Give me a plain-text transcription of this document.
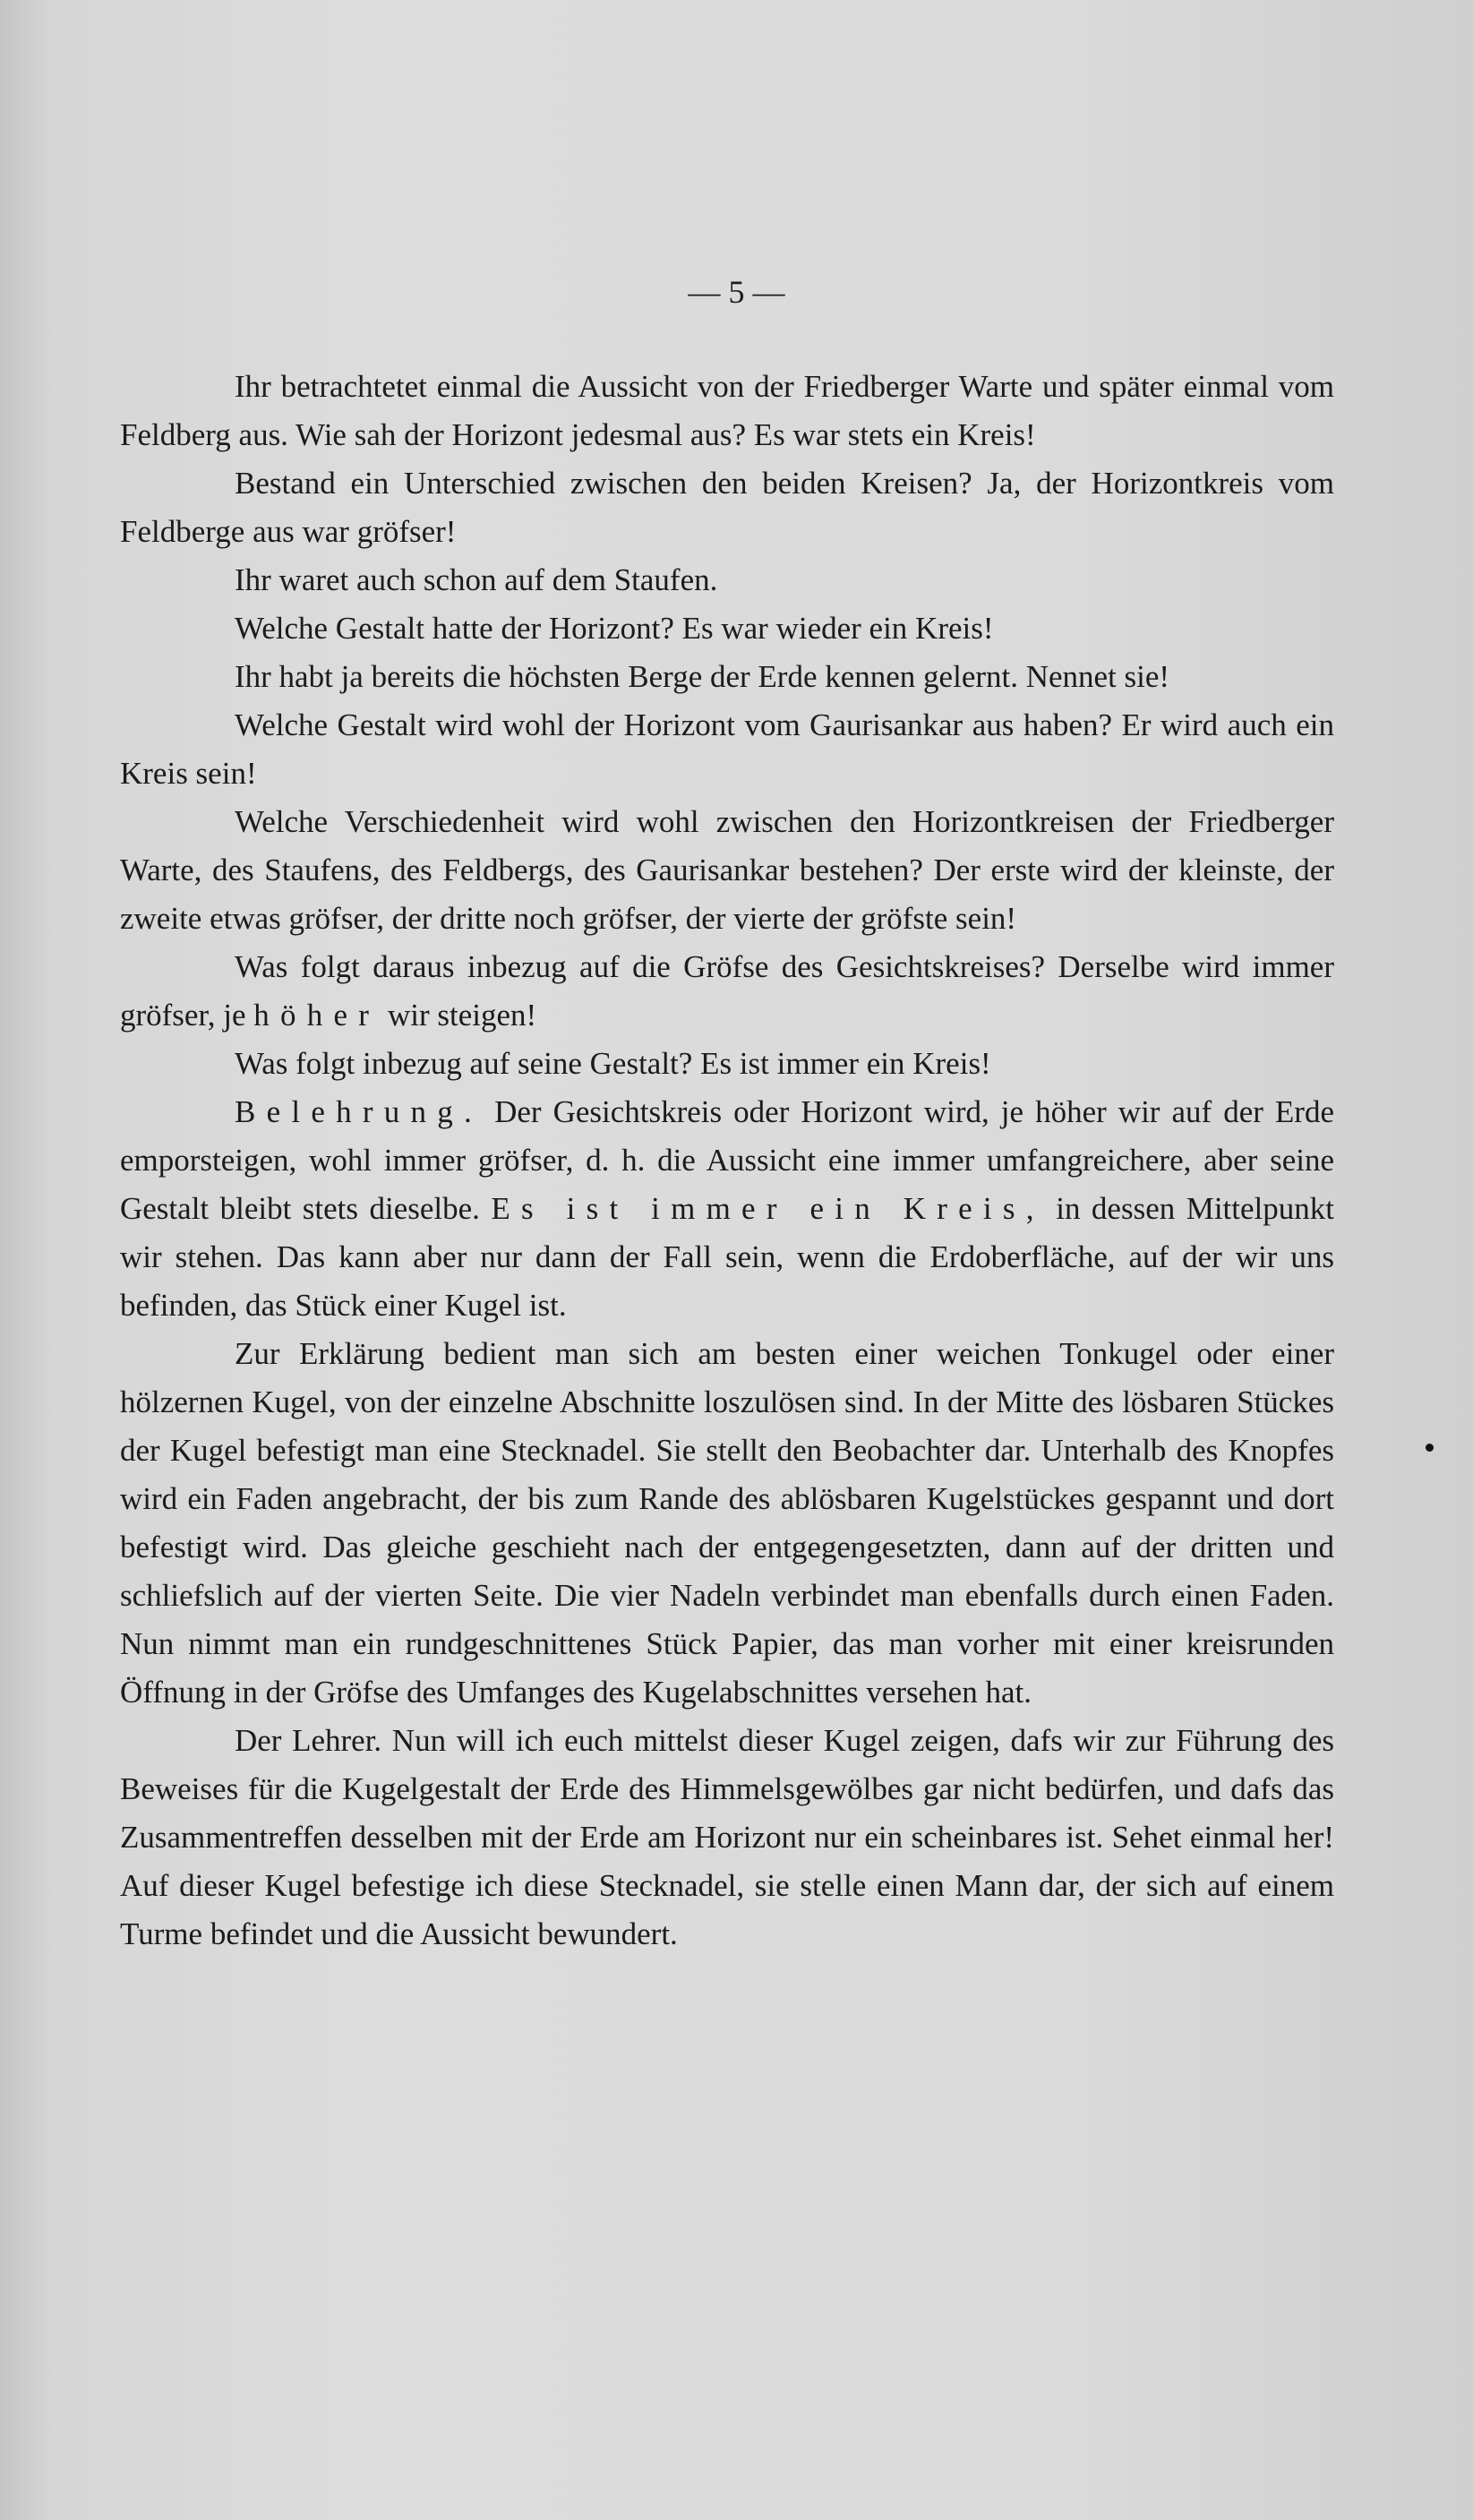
— 5 —

Ihr betrachtetet einmal die Aussicht von der Friedberger Warte und später einmal vom Feldberg aus. Wie sah der Horizont jedesmal aus? Es war stets ein Kreis!

Bestand ein Unterschied zwischen den beiden Kreisen? Ja, der Horizontkreis vom Feldberge aus war gröfser!

Ihr waret auch schon auf dem Staufen.

Welche Gestalt hatte der Horizont? Es war wieder ein Kreis!

Ihr habt ja bereits die höchsten Berge der Erde kennen gelernt. Nennet sie!

Welche Gestalt wird wohl der Horizont vom Gaurisankar aus haben? Er wird auch ein Kreis sein!

Welche Verschiedenheit wird wohl zwischen den Horizontkreisen der Friedberger Warte, des Staufens, des Feldbergs, des Gaurisankar bestehen? Der erste wird der kleinste, der zweite etwas gröfser, der dritte noch gröfser, der vierte der gröfste sein!

Was folgt daraus inbezug auf die Gröfse des Gesichtskreises? Derselbe wird immer gröfser, je höher wir steigen!

Was folgt inbezug auf seine Gestalt? Es ist immer ein Kreis!

Belehrung. Der Gesichtskreis oder Horizont wird, je höher wir auf der Erde emporsteigen, wohl immer gröfser, d. h. die Aussicht eine immer umfangreichere, aber seine Gestalt bleibt stets dieselbe. Es ist immer ein Kreis, in dessen Mittelpunkt wir stehen. Das kann aber nur dann der Fall sein, wenn die Erdoberfläche, auf der wir uns befinden, das Stück einer Kugel ist.

Zur Erklärung bedient man sich am besten einer weichen Tonkugel oder einer hölzernen Kugel, von der einzelne Abschnitte loszulösen sind. In der Mitte des lösbaren Stückes der Kugel befestigt man eine Stecknadel. Sie stellt den Beobachter dar. Unterhalb des Knopfes wird ein Faden angebracht, der bis zum Rande des ablösbaren Kugelstückes gespannt und dort befestigt wird. Das gleiche geschieht nach der entgegengesetzten, dann auf der dritten und schliefslich auf der vierten Seite. Die vier Nadeln verbindet man ebenfalls durch einen Faden. Nun nimmt man ein rundgeschnittenes Stück Papier, das man vorher mit einer kreisrunden Öffnung in der Gröfse des Umfanges des Kugelabschnittes versehen hat.

Der Lehrer. Nun will ich euch mittelst dieser Kugel zeigen, dafs wir zur Führung des Beweises für die Kugelgestalt der Erde des Himmelsgewölbes gar nicht bedürfen, und dafs das Zusammentreffen desselben mit der Erde am Horizont nur ein scheinbares ist. Sehet einmal her! Auf dieser Kugel befestige ich diese Stecknadel, sie stelle einen Mann dar, der sich auf einem Turme befindet und die Aussicht bewundert.
